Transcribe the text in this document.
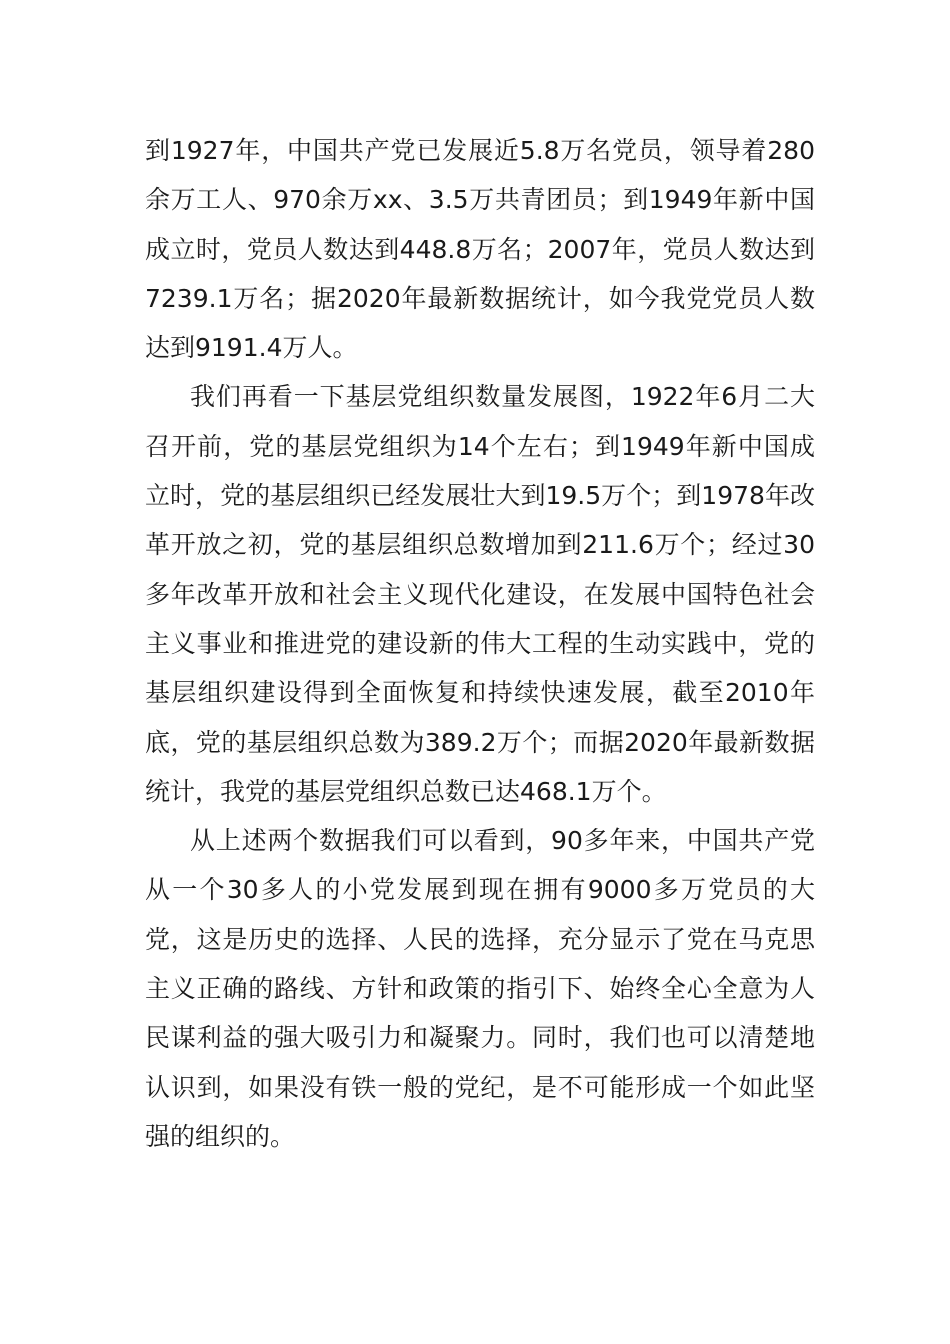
到1927年，中国共产党已发展近5.8万名党员，领导着280余万工人、970余万xx、3.5万共青团员；到1949年新中国成立时，党员人数达到448.8万名；2007年，党员人数达到7239.1万名；据2020年最新数据统计，如今我党党员人数达到9191.4万人。

我们再看一下基层党组织数量发展图，1922年6月二大召开前，党的基层党组织为14个左右；到1949年新中国成立时，党的基层组织已经发展壮大到19.5万个；到1978年改革开放之初，党的基层组织总数增加到211.6万个；经过30多年改革开放和社会主义现代化建设，在发展中国特色社会主义事业和推进党的建设新的伟大工程的生动实践中，党的基层组织建设得到全面恢复和持续快速发展，截至2010年底，党的基层组织总数为389.2万个；而据2020年最新数据统计，我党的基层党组织总数已达468.1万个。

从上述两个数据我们可以看到，90多年来，中国共产党从一个30多人的小党发展到现在拥有9000多万党员的大党，这是历史的选择、人民的选择，充分显示了党在马克思主义正确的路线、方针和政策的指引下、始终全心全意为人民谋利益的强大吸引力和凝聚力。同时，我们也可以清楚地认识到，如果没有铁一般的党纪，是不可能形成一个如此坚强的组织的。
